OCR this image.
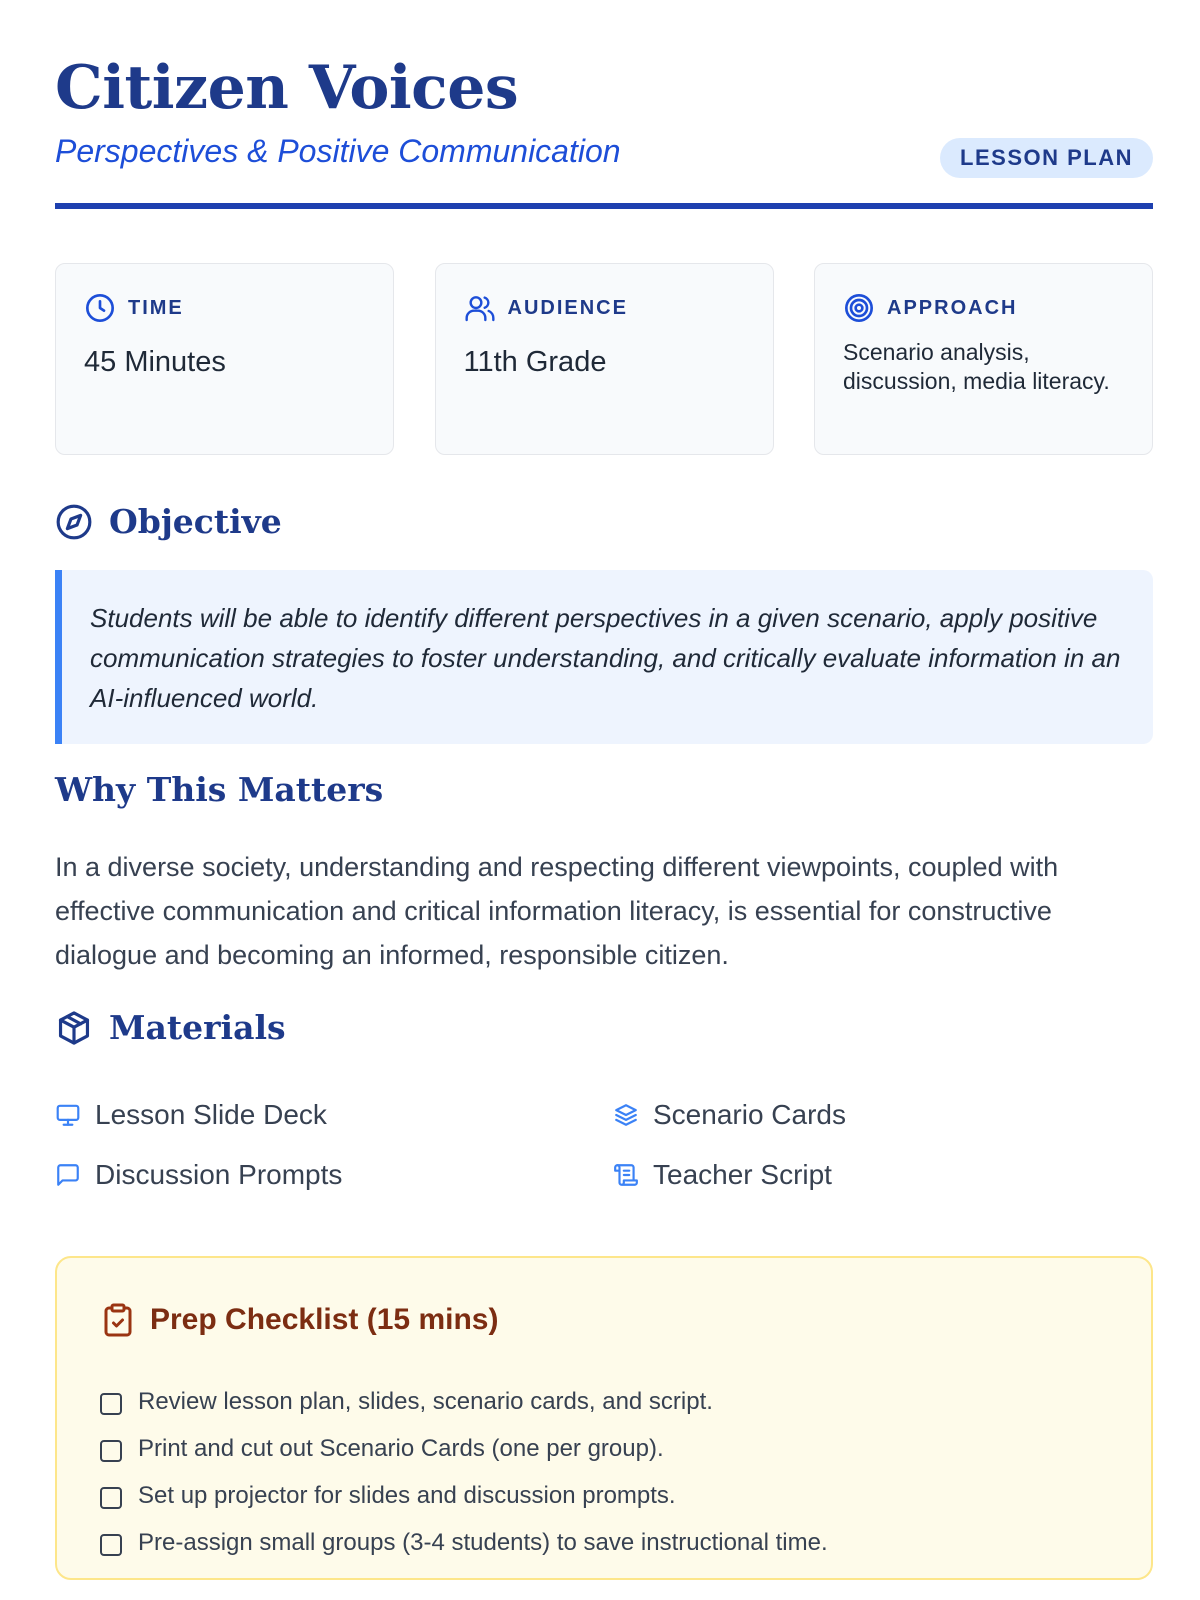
Citizen Voices
Perspectives & Positive Communication	LESSON PLAN
TIME
45 Minutes
AUDIENCE
11th Grade
APPROACH
Scenario analysis, discussion, media literacy.
Objective

Students will be able to identify different perspectives in a given scenario, apply positive communication strategies to foster understanding, and critically evaluate information in an AI-influenced world.

Why This Matters

In a diverse society, understanding and respecting different viewpoints, coupled with effective communication and critical information literacy, is essential for constructive dialogue and becoming an informed, responsible citizen.

Materials
Lesson Slide Deck	Scenario Cards
Discussion Prompts	Teacher Script
Prep Checklist (15 mins)
Review lesson plan, slides, scenario cards, and script.
Print and cut out Scenario Cards (one per group).
Set up projector for slides and discussion prompts.
Pre-assign small groups (3-4 students) to save instructional time.
